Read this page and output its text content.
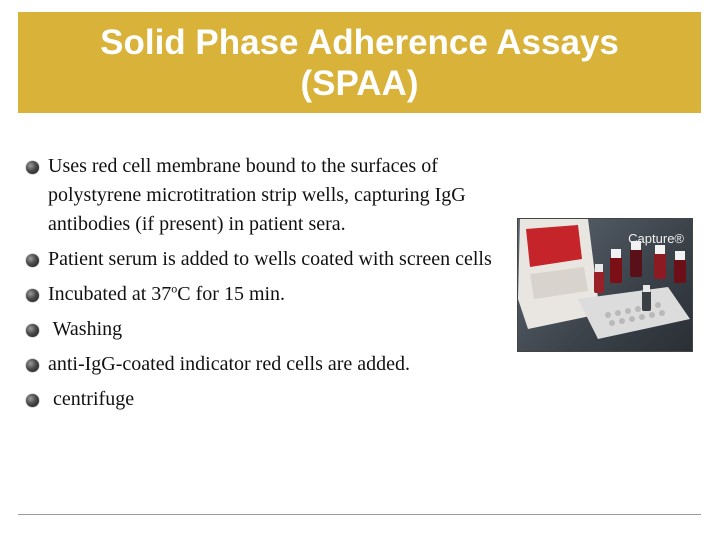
Solid Phase Adherence Assays
(SPAA)
Uses red cell membrane bound to the surfaces of polystyrene microtitration strip wells, capturing IgG antibodies (if present) in patient sera.
Patient serum is added to wells coated with screen cells
Incubated at 37$^o$C for 15 min.
Washing
anti-IgG-coated indicator red cells are added.
centrifuge
Capture®
